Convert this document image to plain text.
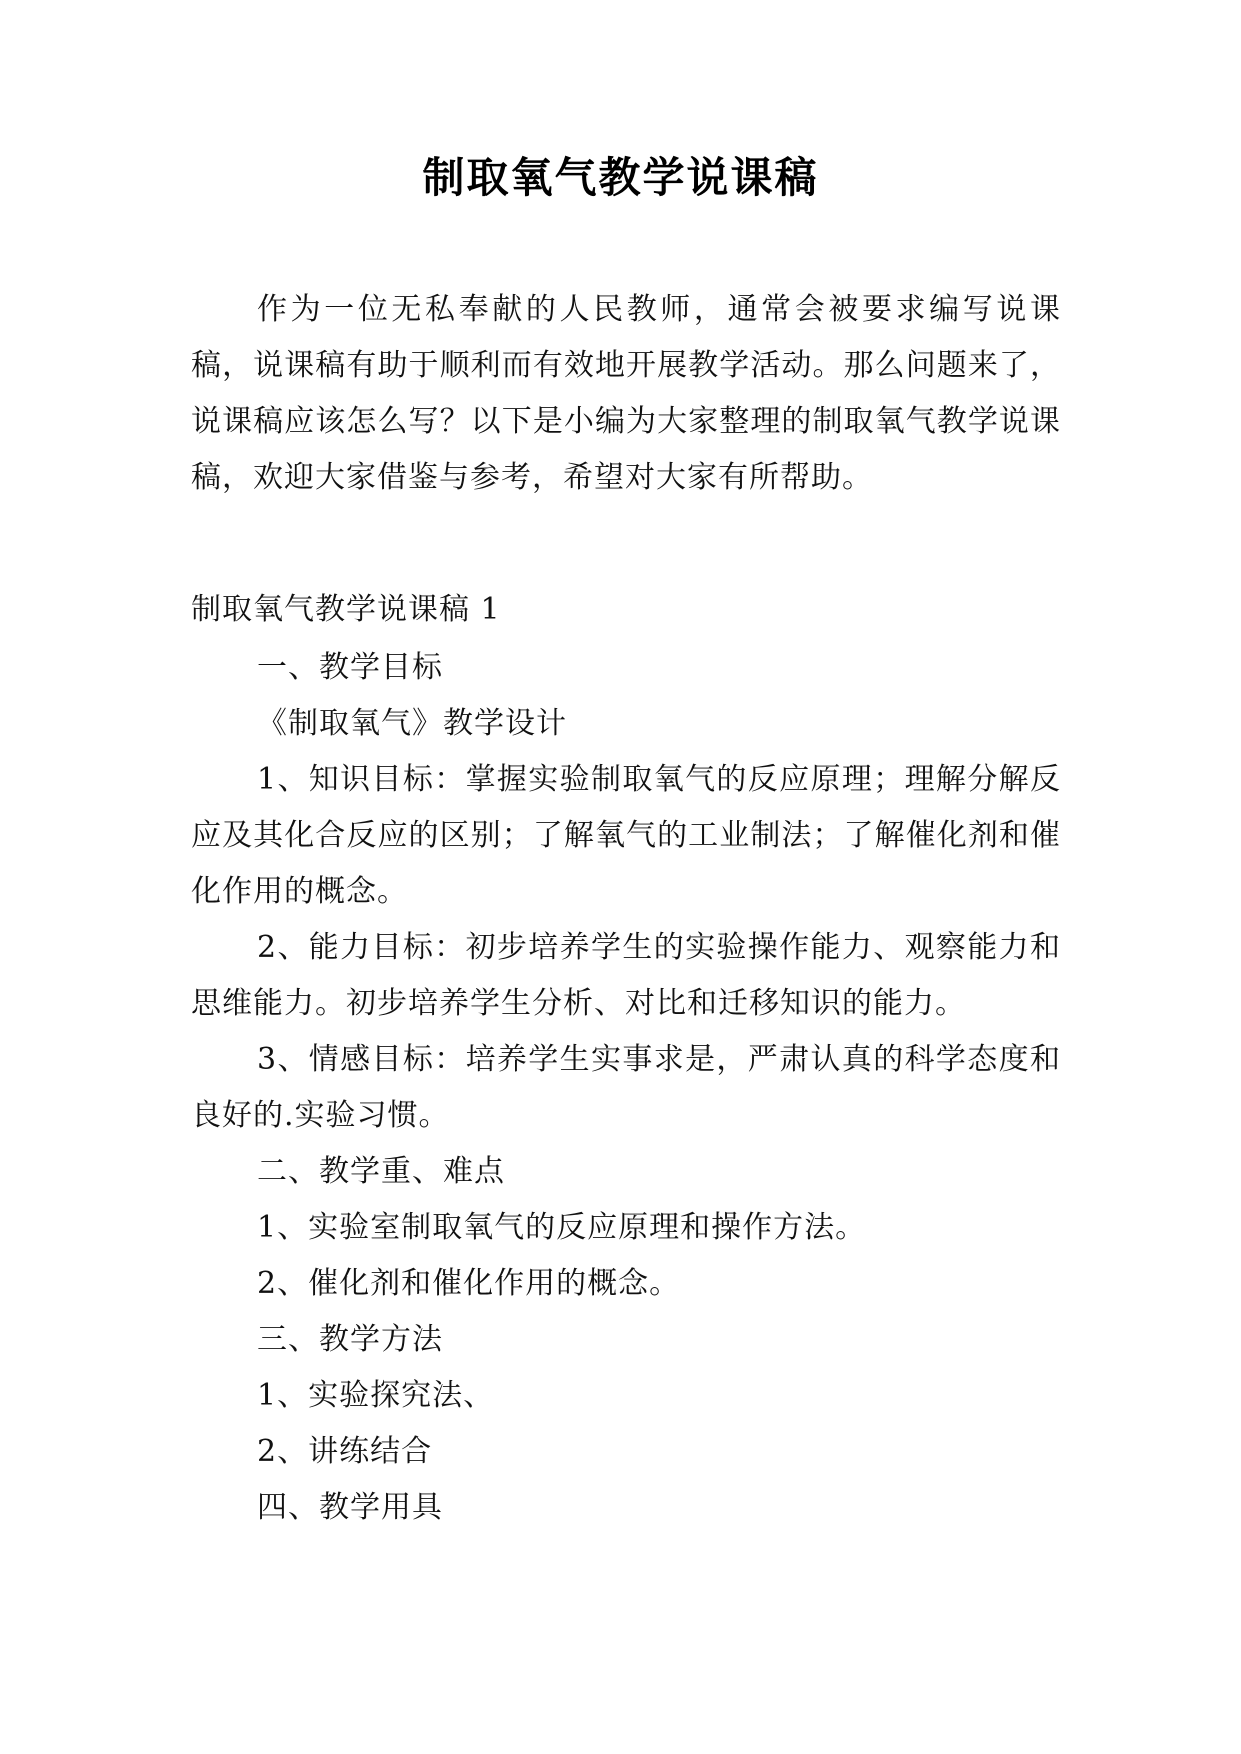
制取氧气教学说课稿

作为一位无私奉献的人民教师，通常会被要求编写说课稿，说课稿有助于顺利而有效地开展教学活动。那么问题来了，说课稿应该怎么写？以下是小编为大家整理的制取氧气教学说课稿，欢迎大家借鉴与参考，希望对大家有所帮助。

制取氧气教学说课稿 1

一、教学目标

《制取氧气》教学设计

1、知识目标：掌握实验制取氧气的反应原理；理解分解反应及其化合反应的区别；了解氧气的工业制法；了解催化剂和催化作用的概念。

2、能力目标：初步培养学生的实验操作能力、观察能力和思维能力。初步培养学生分析、对比和迁移知识的能力。

3、情感目标：培养学生实事求是，严肃认真的科学态度和良好的.实验习惯。

二、教学重、难点

1、实验室制取氧气的反应原理和操作方法。

2、催化剂和催化作用的概念。

三、教学方法

1、实验探究法、

2、讲练结合

四、教学用具
